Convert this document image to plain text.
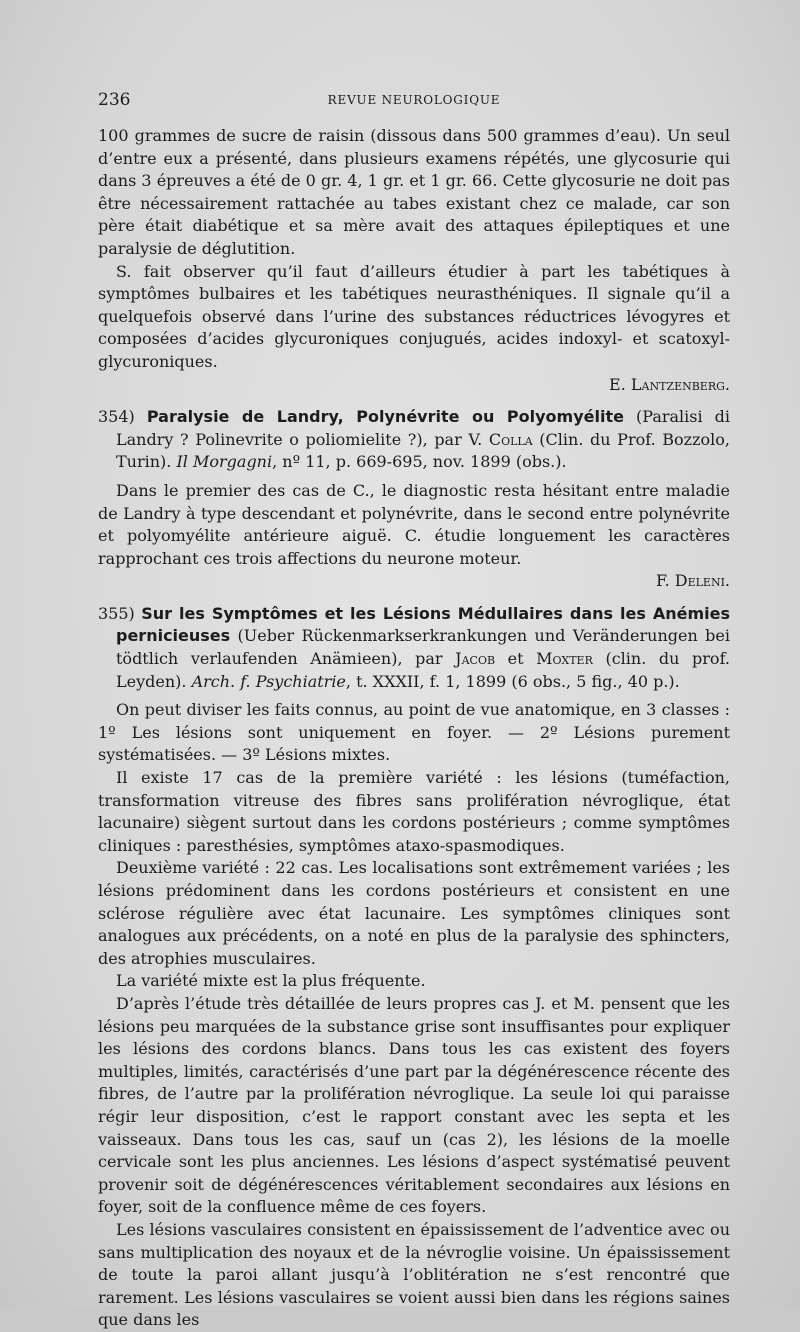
236	REVUE NEUROLOGIQUE

100 grammes de sucre de raisin (dissous dans 500 grammes d’eau). Un seul d’entre eux a présenté, dans plusieurs examens répétés, une glycosurie qui dans 3 épreuves a été de 0 gr. 4, 1 gr. et 1 gr. 66. Cette glycosurie ne doit pas être nécessairement rattachée au tabes existant chez ce malade, car son père était diabétique et sa mère avait des attaques épileptiques et une paralysie de déglutition.

S. fait observer qu’il faut d’ailleurs étudier à part les tabétiques à symptômes bulbaires et les tabétiques neurasthéniques. Il signale qu’il a quelquefois observé dans l’urine des substances réductrices lévogyres et composées d’acides glycuroniques conjugués, acides indoxyl- et scatoxyl-glycuroniques.

E. Lantzenberg.

354) Paralysie de Landry, Polynévrite ou Polyomyélite (Paralisi di Landry ? Polinevrite o poliomielite ?), par V. Colla (Clin. du Prof. Bozzolo, Turin). Il Morgagni, nº 11, p. 669-695, nov. 1899 (obs.).

Dans le premier des cas de C., le diagnostic resta hésitant entre maladie de Landry à type descendant et polynévrite, dans le second entre polynévrite et polyomyélite antérieure aiguë. C. étudie longuement les caractères rapprochant ces trois affections du neurone moteur.

F. Deleni.

355) Sur les Symptômes et les Lésions Médullaires dans les Anémies pernicieuses (Ueber Rückenmarkserkrankungen und Veränderungen bei tödtlich verlaufenden Anämieen), par Jacob et Moxter (clin. du prof. Leyden). Arch. f. Psychiatrie, t. XXXII, f. 1, 1899 (6 obs., 5 fig., 40 p.).

On peut diviser les faits connus, au point de vue anatomique, en 3 classes : 1º Les lésions sont uniquement en foyer. — 2º Lésions purement systématisées. — 3º Lésions mixtes.

Il existe 17 cas de la première variété : les lésions (tuméfaction, transformation vitreuse des fibres sans prolifération névroglique, état lacunaire) siègent surtout dans les cordons postérieurs ; comme symptômes cliniques : paresthésies, symptômes ataxo-spasmodiques.

Deuxième variété : 22 cas. Les localisations sont extrêmement variées ; les lésions prédominent dans les cordons postérieurs et consistent en une sclérose régulière avec état lacunaire. Les symptômes cliniques sont analogues aux précédents, on a noté en plus de la paralysie des sphincters, des atrophies musculaires.

La variété mixte est la plus fréquente.

D’après l’étude très détaillée de leurs propres cas J. et M. pensent que les lésions peu marquées de la substance grise sont insuffisantes pour expliquer les lésions des cordons blancs. Dans tous les cas existent des foyers multiples, limités, caractérisés d’une part par la dégénérescence récente des fibres, de l’autre par la prolifération névroglique. La seule loi qui paraisse régir leur disposition, c’est le rapport constant avec les septa et les vaisseaux. Dans tous les cas, sauf un (cas 2), les lésions de la moelle cervicale sont les plus anciennes. Les lésions d’aspect systématisé peuvent provenir soit de dégénérescences véritablement secondaires aux lésions en foyer, soit de la confluence même de ces foyers.

Les lésions vasculaires consistent en épaississement de l’adventice avec ou sans multiplication des noyaux et de la névroglie voisine. Un épaississement de toute la paroi allant jusqu’à l’oblitération ne s’est rencontré que rarement. Les lésions vasculaires se voient aussi bien dans les régions saines que dans les
